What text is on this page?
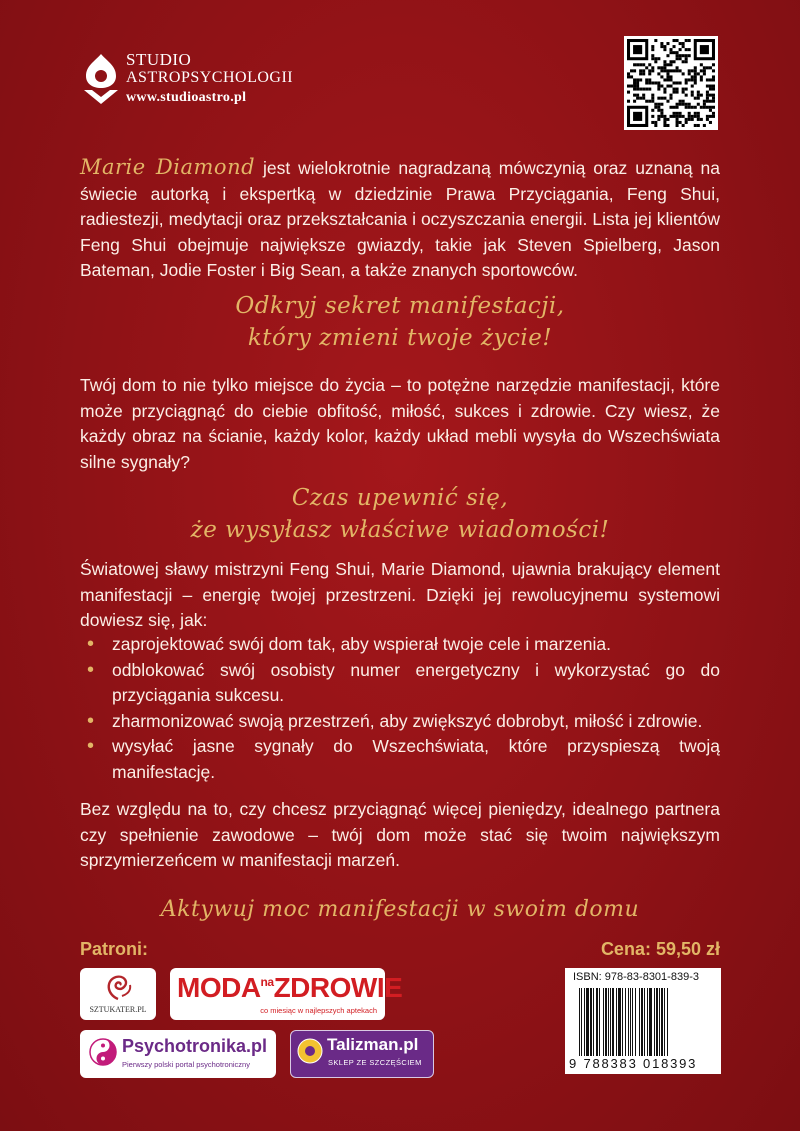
STUDIO
ASTROPSYCHOLOGII
www.studioastro.pl
Marie Diamond jest wielokrotnie nagradzaną mówczynią oraz uznaną na świecie autorką i ekspertką w dziedzinie Prawa Przyciągania, Feng Shui, radiestezji, medytacji oraz przekształcania i oczyszczania energii. Lista jej klientów Feng Shui obejmuje największe gwiazdy, takie jak Steven Spielberg, Jason Bateman, Jodie Foster i Big Sean, a także znanych sportowców.
Odkryj sekret manifestacji,
który zmieni twoje życie!
Twój dom to nie tylko miejsce do życia – to potężne narzędzie manifestacji, które może przyciągnąć do ciebie obfitość, miłość, sukces i zdrowie. Czy wiesz, że każdy obraz na ścianie, każdy kolor, każdy układ mebli wysyła do Wszechświata silne sygnały?
Czas upewnić się,
że wysyłasz właściwe wiadomości!
Światowej sławy mistrzyni Feng Shui, Marie Diamond, ujawnia brakujący element manifestacji – energię twojej przestrzeni. Dzięki jej rewolucyjnemu systemowi dowiesz się, jak:
• zaprojektować swój dom tak, aby wspierał twoje cele i marzenia.
• odblokować swój osobisty numer energetyczny i wykorzystać go do przyciągania sukcesu.
• zharmonizować swoją przestrzeń, aby zwiększyć dobrobyt, miłość i zdrowie.
• wysyłać jasne sygnały do Wszechświata, które przyspieszą twoją manifestację.
Bez względu na to, czy chcesz przyciągnąć więcej pieniędzy, idealnego partnera czy spełnienie zawodowe – twój dom może stać się twoim największym sprzymierzeńcem w manifestacji marzeń.
Aktywuj moc manifestacji w swoim domu
Patroni:	Cena: 59,50 zł
SZTUKATER.PL
$MODA^{na}ZDROWIE$
co miesiąc w najlepszych aptekach
Psychotronika.pl
Pierwszy polski portal psychotroniczny
Talizman.pl
SKLEP ZE SZCZĘŚCIEM
ISBN: 978-83-8301-839-3
9 788383 018393
